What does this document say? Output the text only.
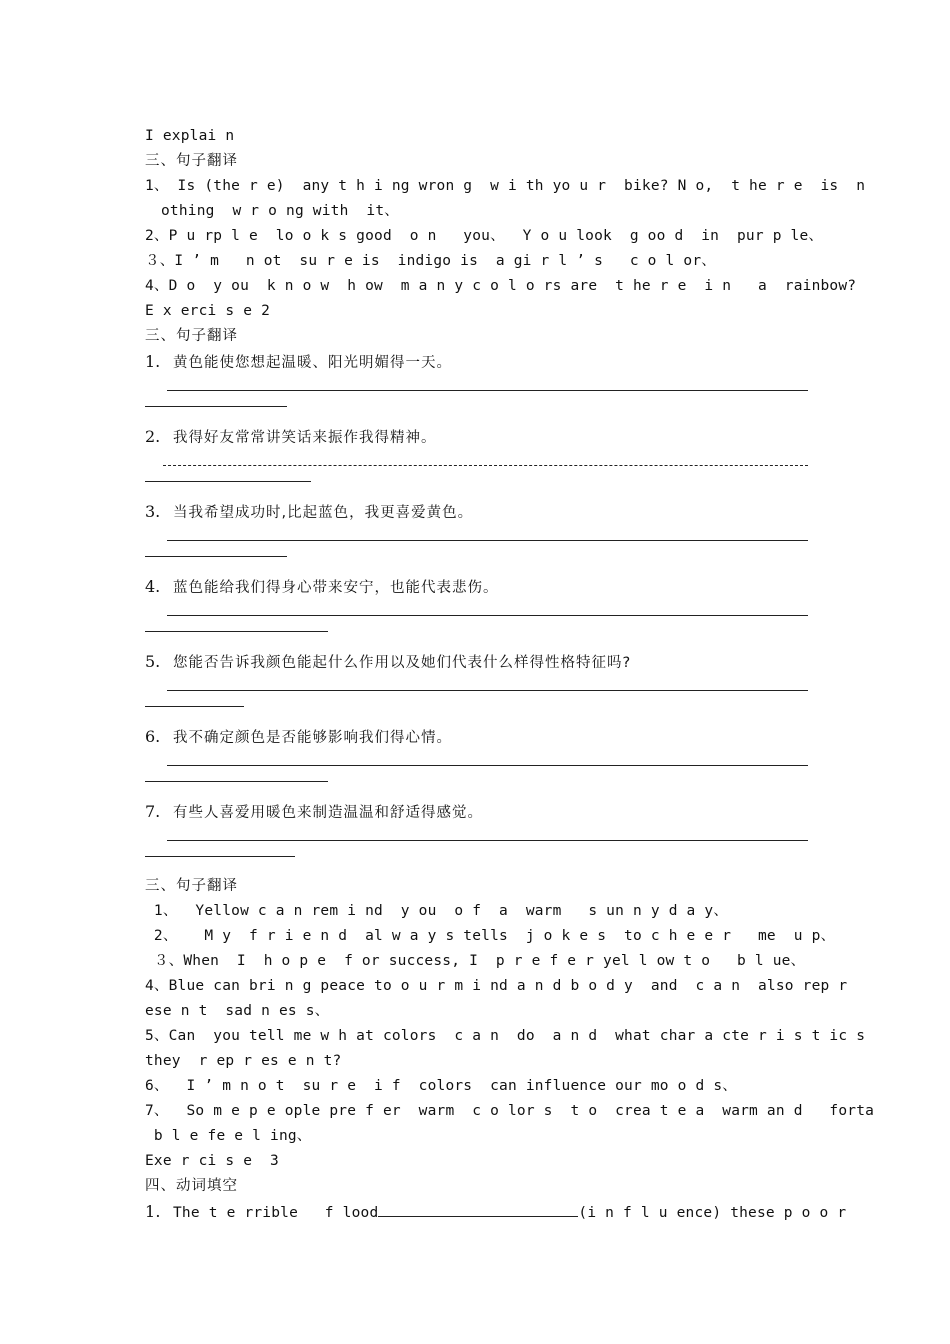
I explai n
三、句子翻译
1、 Is (the r e)  any t h i ng wron g  w i th yo u r  bike? N o,  t he r e  is  n
othing  w r o ng with  it、
2、P u rp l e  lo o k s good  o n   you、  Y o u look  g oo d  in  pur p le、
３、I ’ m   n ot  su r e is  indigo is  a gi r l ’ s   c o l or、
4、D o  y ou  k n o w  h ow  m a n y c o l o rs are  t he r e  i n   a  rainbow?
E x erci s e 2
三、句子翻译
1. 黄色能使您想起温暖、阳光明媚得一天。
2. 我得好友常常讲笑话来振作我得精神。
3. 当我希望成功时,比起蓝色，我更喜爱黄色。
4. 蓝色能给我们得身心带来安宁，也能代表悲伤。
5. 您能否告诉我颜色能起什么作用以及她们代表什么样得性格特征吗?
6. 我不确定颜色是否能够影响我们得心情。
7. 有些人喜爱用暖色来制造温温和舒适得感觉。
三、句子翻译
1、  Yellow c a n rem i nd  y ou  o f  a  warm   s un n y d a y、
2、   M y  f r i e n d  al w a y s tells  j o k e s  to c h e e r   me  u p、
３、When  I  h o p e  f or success, I  p r e f e r yel l ow t o   b l ue、
4、Blue can bri n g peace to o u r m i nd a n d b o d y  and  c a n  also rep r
ese n t  sad n es s、
5、Can  you tell me w h at colors  c a n  do  a n d  what char a cte r i s t ic s
they  r ep r es e n t?
6、  I ’ m n o t  su r e  i f  colors  can influence our mo o d s、
7、  So m e p e ople pre f er  warm  c o lor s  t o  crea t e a  warm an d   forta
b l e fe e l ing、
Exe r ci s e  3
四、动词填空
1. The t e rrible   f lood	(i n f l u ence) these p o o r
